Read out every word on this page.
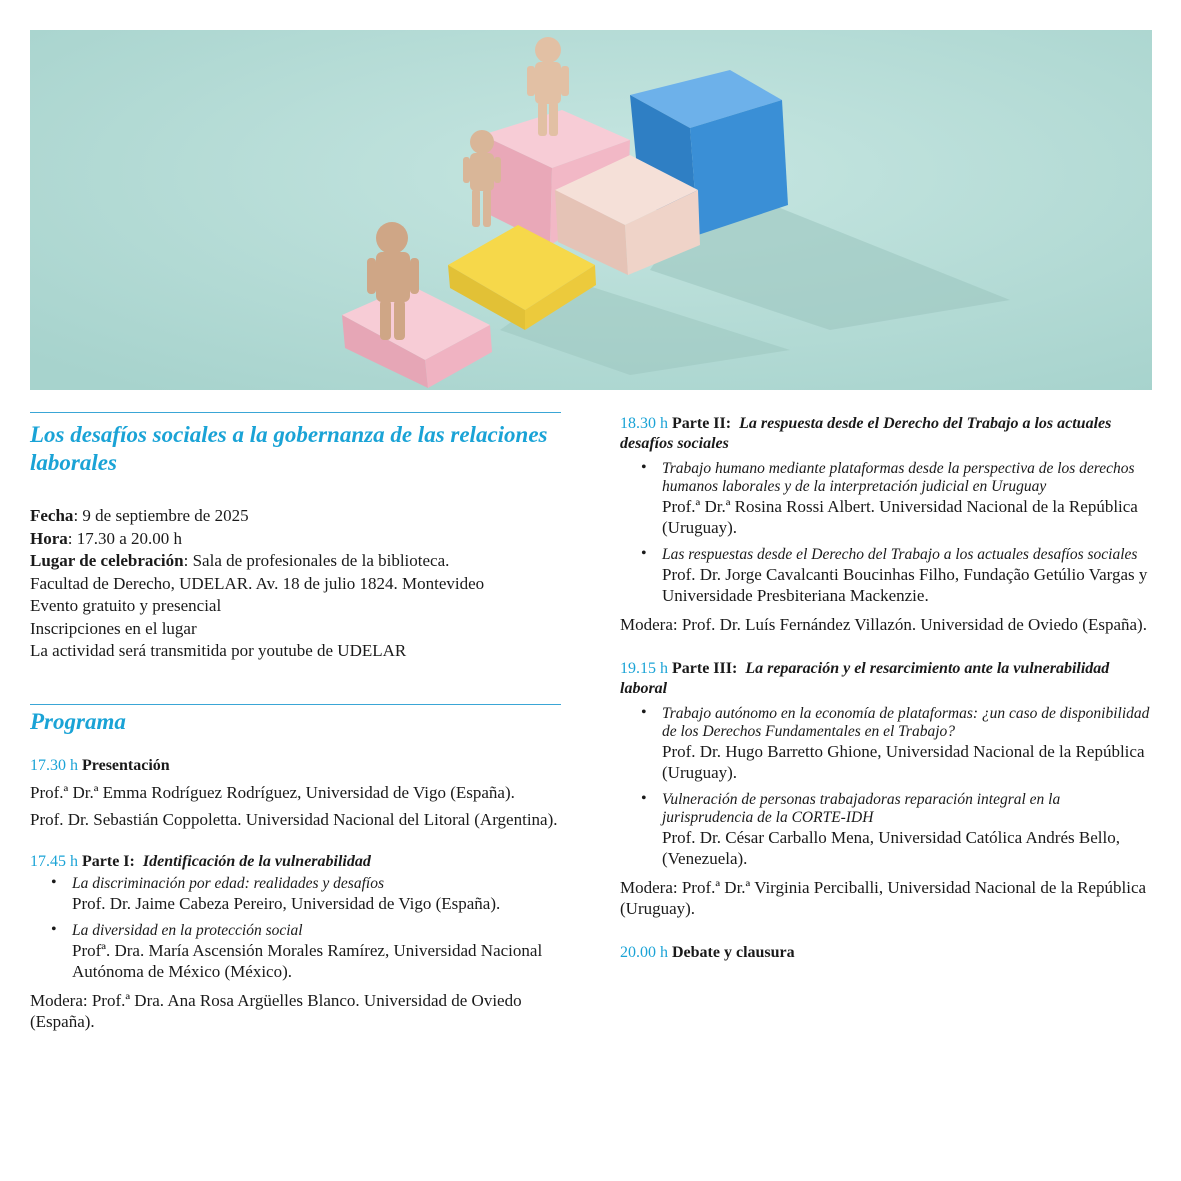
Los desafíos sociales a la gobernanza de las relaciones laborales
Fecha: 9 de septiembre de 2025
Hora: 17.30 a 20.00 h
Lugar de celebración: Sala de profesionales de la biblioteca.
Facultad de Derecho, UDELAR. Av. 18 de julio 1824. Montevideo
Evento gratuito y presencial
Inscripciones en el lugar
La actividad será transmitida por youtube de UDELAR
Programa
17.30 h Presentación

Prof.ª Dr.ª Emma Rodríguez Rodríguez, Universidad de Vigo (España).

Prof. Dr. Sebastián Coppoletta. Universidad Nacional del Litoral (Argentina).

17.45 h Parte I: Identificación de la vulnerabilidad
• La discriminación por edad: realidades y desafíos
Prof. Dr. Jaime Cabeza Pereiro, Universidad de Vigo (España).
• La diversidad en la protección social
Profª. Dra. María Ascensión Morales Ramírez, Universidad Nacional Autónoma de México (México).

Modera: Prof.ª Dra. Ana Rosa Argüelles Blanco. Universidad de Oviedo (España).

18.30 h Parte II: La respuesta desde el Derecho del Trabajo a los actuales desafíos sociales
• Trabajo humano mediante plataformas desde la perspectiva de los derechos humanos laborales y de la interpretación judicial en Uruguay
Prof.ª Dr.ª Rosina Rossi Albert. Universidad Nacional de la República (Uruguay).
• Las respuestas desde el Derecho del Trabajo a los actuales desafíos sociales
Prof. Dr. Jorge Cavalcanti Boucinhas Filho, Fundação Getúlio Vargas y Universidade Presbiteriana Mackenzie.

Modera: Prof. Dr. Luís Fernández Villazón. Universidad de Oviedo (España).

19.15 h Parte III: La reparación y el resarcimiento ante la vulnerabilidad laboral
• Trabajo autónomo en la economía de plataformas: ¿un caso de disponibilidad de los Derechos Fundamentales en el Trabajo?
Prof. Dr. Hugo Barretto Ghione, Universidad Nacional de la República (Uruguay).
• Vulneración de personas trabajadoras reparación integral en la jurisprudencia de la CORTE-IDH
Prof. Dr. César Carballo Mena, Universidad Católica Andrés Bello, (Venezuela).

Modera: Prof.ª Dr.ª Virginia Perciballi, Universidad Nacional de la República (Uruguay).

20.00 h Debate y clausura
